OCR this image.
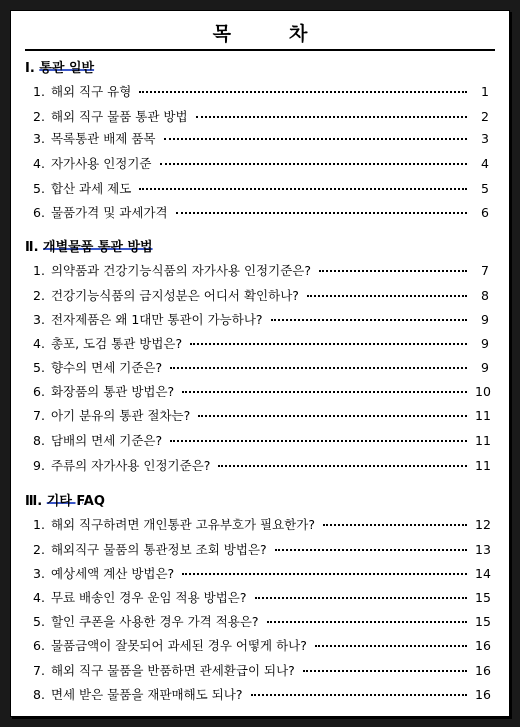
목	차
Ⅰ. 통관 일반
1. 해외 직구 유형	1
2. 해외 직구 물품 통관 방법	2
3. 목록통관 배제 품목	3
4. 자가사용 인정기준	4
5. 합산 과세 제도	5
6. 물품가격 및 과세가격	6
Ⅱ. 개별물품 통관 방법
1. 의약품과 건강기능식품의 자가사용 인정기준은?	7
2. 건강기능식품의 금지성분은 어디서 확인하나?	8
3. 전자제품은 왜 1대만 통관이 가능하나?	9
4. 총포, 도검 통관 방법은?	9
5. 향수의 면세 기준은?	9
6. 화장품의 통관 방법은?	10
7. 아기 분유의 통관 절차는?	11
8. 담배의 면세 기준은?	11
9. 주류의 자가사용 인정기준은?	11
Ⅲ. 기타 FAQ
1. 해외 직구하려면 개인통관 고유부호가 필요한가?	12
2. 해외직구 물품의 통관정보 조회 방법은?	13
3. 예상세액 계산 방법은?	14
4. 무료 배송인 경우 운임 적용 방법은?	15
5. 할인 쿠폰을 사용한 경우 가격 적용은?	15
6. 물품금액이 잘못되어 과세된 경우 어떻게 하나?	16
7. 해외 직구 물품을 반품하면 관세환급이 되나?	16
8. 면세 받은 물품을 재판매해도 되나?	16
